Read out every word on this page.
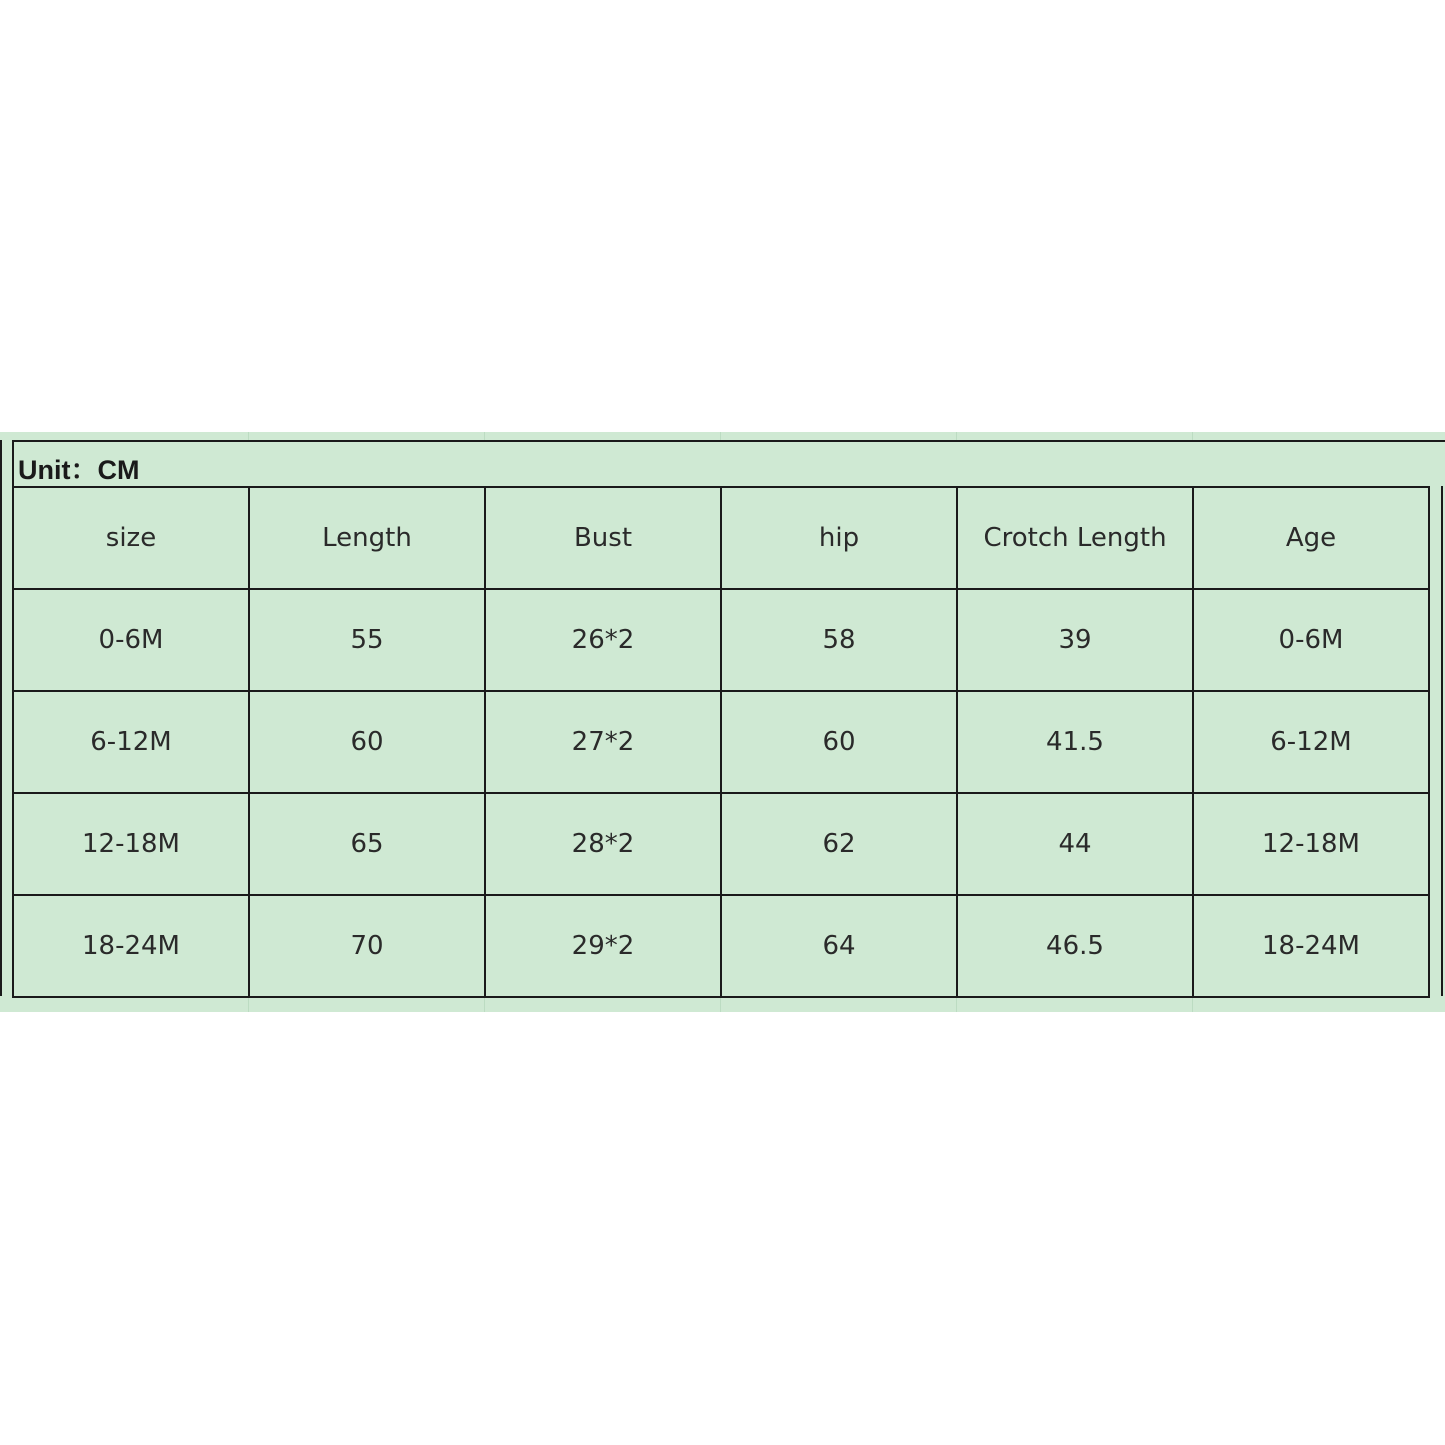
Unit：CM
size	Length	Bust	hip	Crotch Length	Age
0-6M	55	26*2	58	39	0-6M
6-12M	60	27*2	60	41.5	6-12M
12-18M	65	28*2	62	44	12-18M
18-24M	70	29*2	64	46.5	18-24M
